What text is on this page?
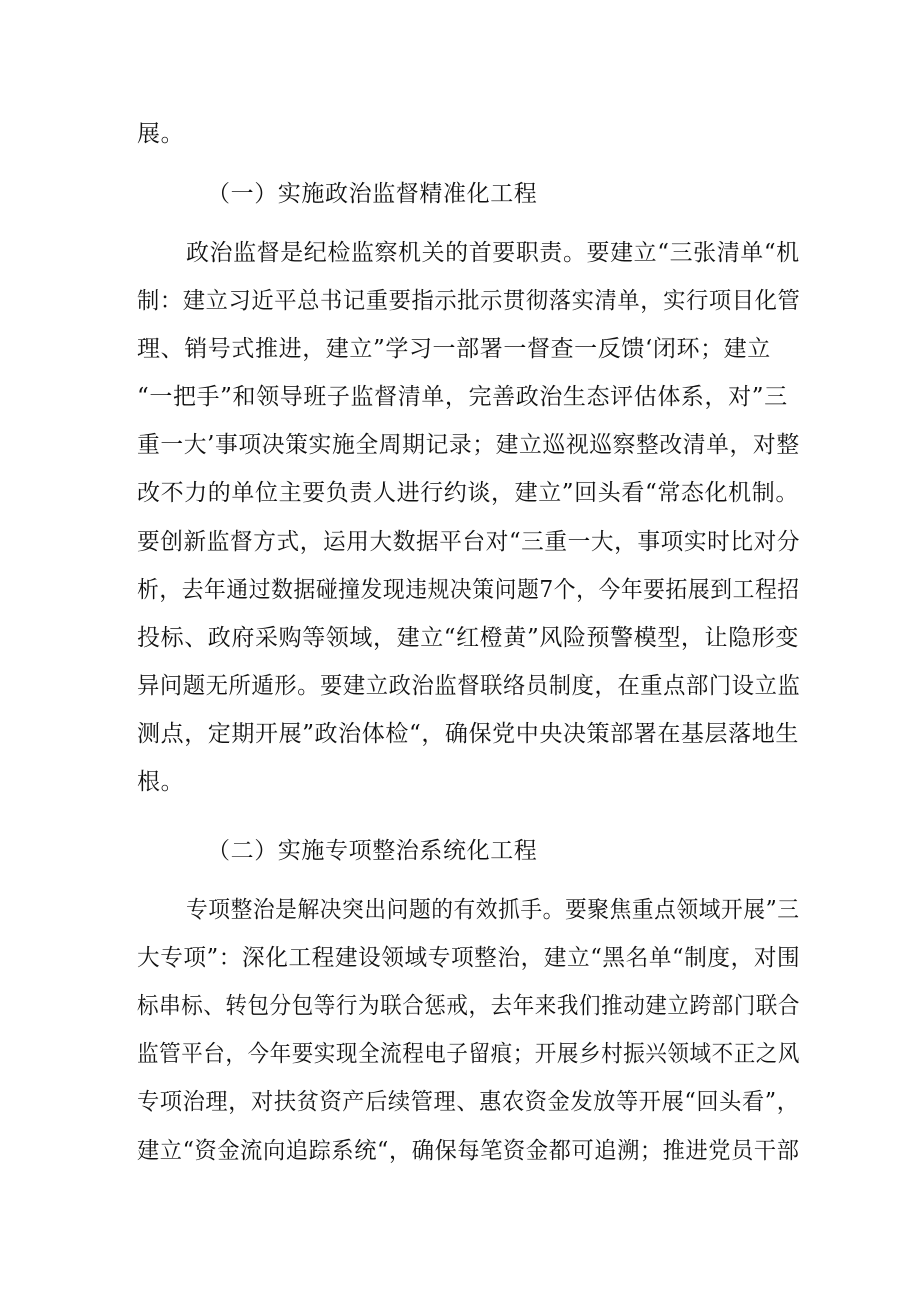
展。
（一）实施政治监督精准化工程
政治监督是纪检监察机关的首要职责。要建立“三张清单“机
制：建立习近平总书记重要指示批示贯彻落实清单，实行项目化管
理、销号式推进，建立”学习一部署一督查一反馈‘闭环；建立
“一把手”和领导班子监督清单，完善政治生态评估体系，对”三
重一大’事项决策实施全周期记录；建立巡视巡察整改清单，对整
改不力的单位主要负责人进行约谈，建立”回头看“常态化机制。
要创新监督方式，运用大数据平台对“三重一大，事项实时比对分
析，去年通过数据碰撞发现违规决策问题7个，今年要拓展到工程招
投标、政府采购等领域，建立“红橙黄”风险预警模型，让隐形变
异问题无所遁形。要建立政治监督联络员制度，在重点部门设立监
测点，定期开展”政治体检“，确保党中央决策部署在基层落地生
根。
（二）实施专项整治系统化工程
专项整治是解决突出问题的有效抓手。要聚焦重点领域开展”三
大专项”：深化工程建设领域专项整治，建立“黑名单“制度，对围
标串标、转包分包等行为联合惩戒，去年来我们推动建立跨部门联合
监管平台，今年要实现全流程电子留痕；开展乡村振兴领域不正之风
专项治理，对扶贫资产后续管理、惠农资金发放等开展“回头看”，
建立“资金流向追踪系统“，确保每笔资金都可追溯；推进党员干部
